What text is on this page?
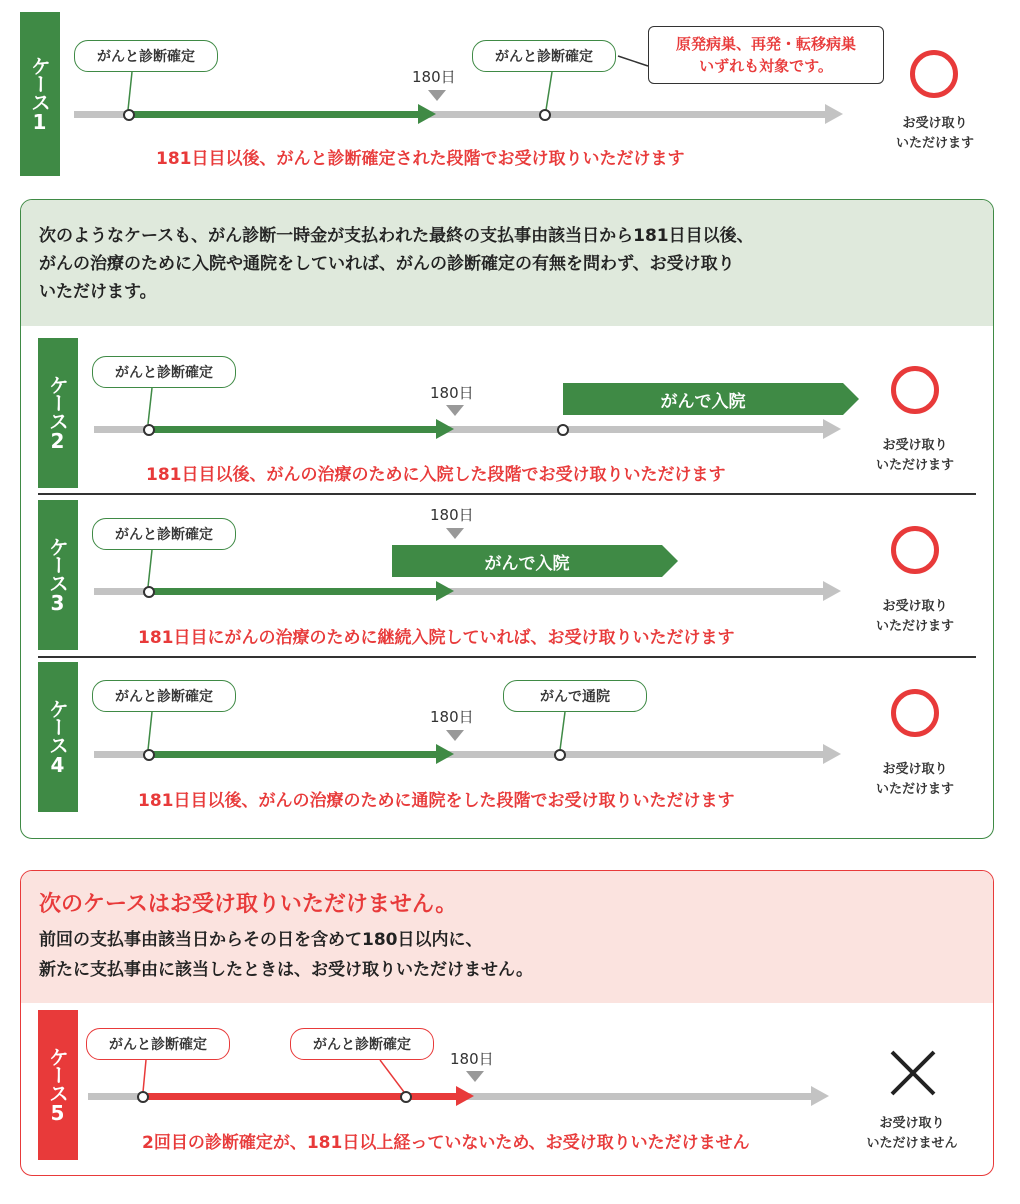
ケース1	がんと診断確定	がんと診断確定
原発病巣、再発・転移病巣
いずれも対象です。
180日
181日目以後、がんと診断確定された段階でお受け取りいただけます
お受け取り
いただけます
次のようなケースも、がん診断一時金が支払われた最終の支払事由該当日から181日目以後、
がんの治療のために入院や通院をしていれば、がんの診断確定の有無を問わず、お受け取り
いただけます。
ケース2
がんと診断確定
180日	がんで入院
181日目以後、がんの治療のために入院した段階でお受け取りいただけます
お受け取り
いただけます
ケース3
がんと診断確定
180日
がんで入院
181日目にがんの治療のために継続入院していれば、お受け取りいただけます
お受け取り
いただけます
ケース4
がんと診断確定	がんで通院
180日
181日目以後、がんの治療のために通院をした段階でお受け取りいただけます
お受け取り
いただけます
次のケースはお受け取りいただけません。
前回の支払事由該当日からその日を含めて180日以内に、
新たに支払事由に該当したときは、お受け取りいただけません。
ケース5
がんと診断確定	がんと診断確定
180日
2回目の診断確定が、181日以上経っていないため、お受け取りいただけません
お受け取り
いただけません
